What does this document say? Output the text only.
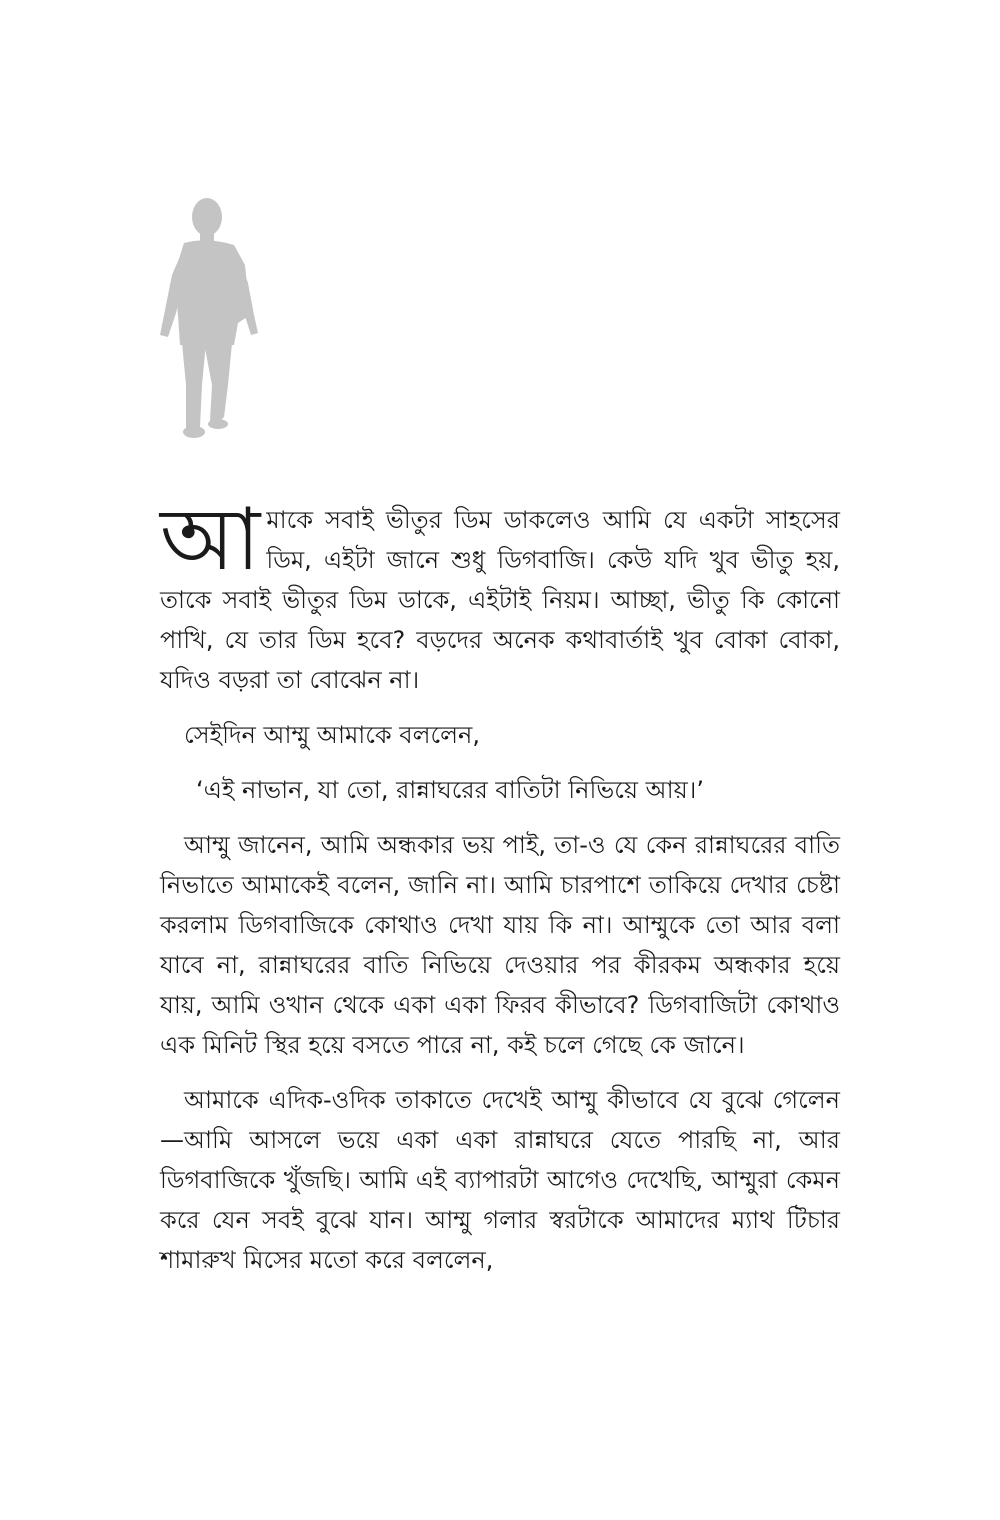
আমাকে সবাই ভীতুর ডিম ডাকলেও আমি যে একটা সাহসের ডিম, এইটা জানে শুধু ডিগবাজি। কেউ যদি খুব ভীতু হয়, তাকে সবাই ভীতুর ডিম ডাকে, এইটাই নিয়ম। আচ্ছা, ভীতু কি কোনো পাখি, যে তার ডিম হবে? বড়দের অনেক কথাবার্তাই খুব বোকা বোকা, যদিও বড়রা তা বোঝেন না।

সেইদিন আম্মু আমাকে বললেন,

‘এই নাভান, যা তো, রান্নাঘরের বাতিটা নিভিয়ে আয়।’

আম্মু জানেন, আমি অন্ধকার ভয় পাই, তা-ও যে কেন রান্নাঘরের বাতি নিভাতে আমাকেই বলেন, জানি না। আমি চারপাশে তাকিয়ে দেখার চেষ্টা করলাম ডিগবাজিকে কোথাও দেখা যায় কি না। আম্মুকে তো আর বলা যাবে না, রান্নাঘরের বাতি নিভিয়ে দেওয়ার পর কীরকম অন্ধকার হয়ে যায়, আমি ওখান থেকে একা একা ফিরব কীভাবে? ডিগবাজিটা কোথাও এক মিনিট স্থির হয়ে বসতে পারে না, কই চলে গেছে কে জানে।

আমাকে এদিক-ওদিক তাকাতে দেখেই আম্মু কীভাবে যে বুঝে গেলেন—আমি আসলে ভয়ে একা একা রান্নাঘরে যেতে পারছি না, আর ডিগবাজিকে খুঁজছি। আমি এই ব্যাপারটা আগেও দেখেছি, আম্মুরা কেমন করে যেন সবই বুঝে যান। আম্মু গলার স্বরটাকে আমাদের ম্যাথ টিচার শামারুখ মিসের মতো করে বললেন,
